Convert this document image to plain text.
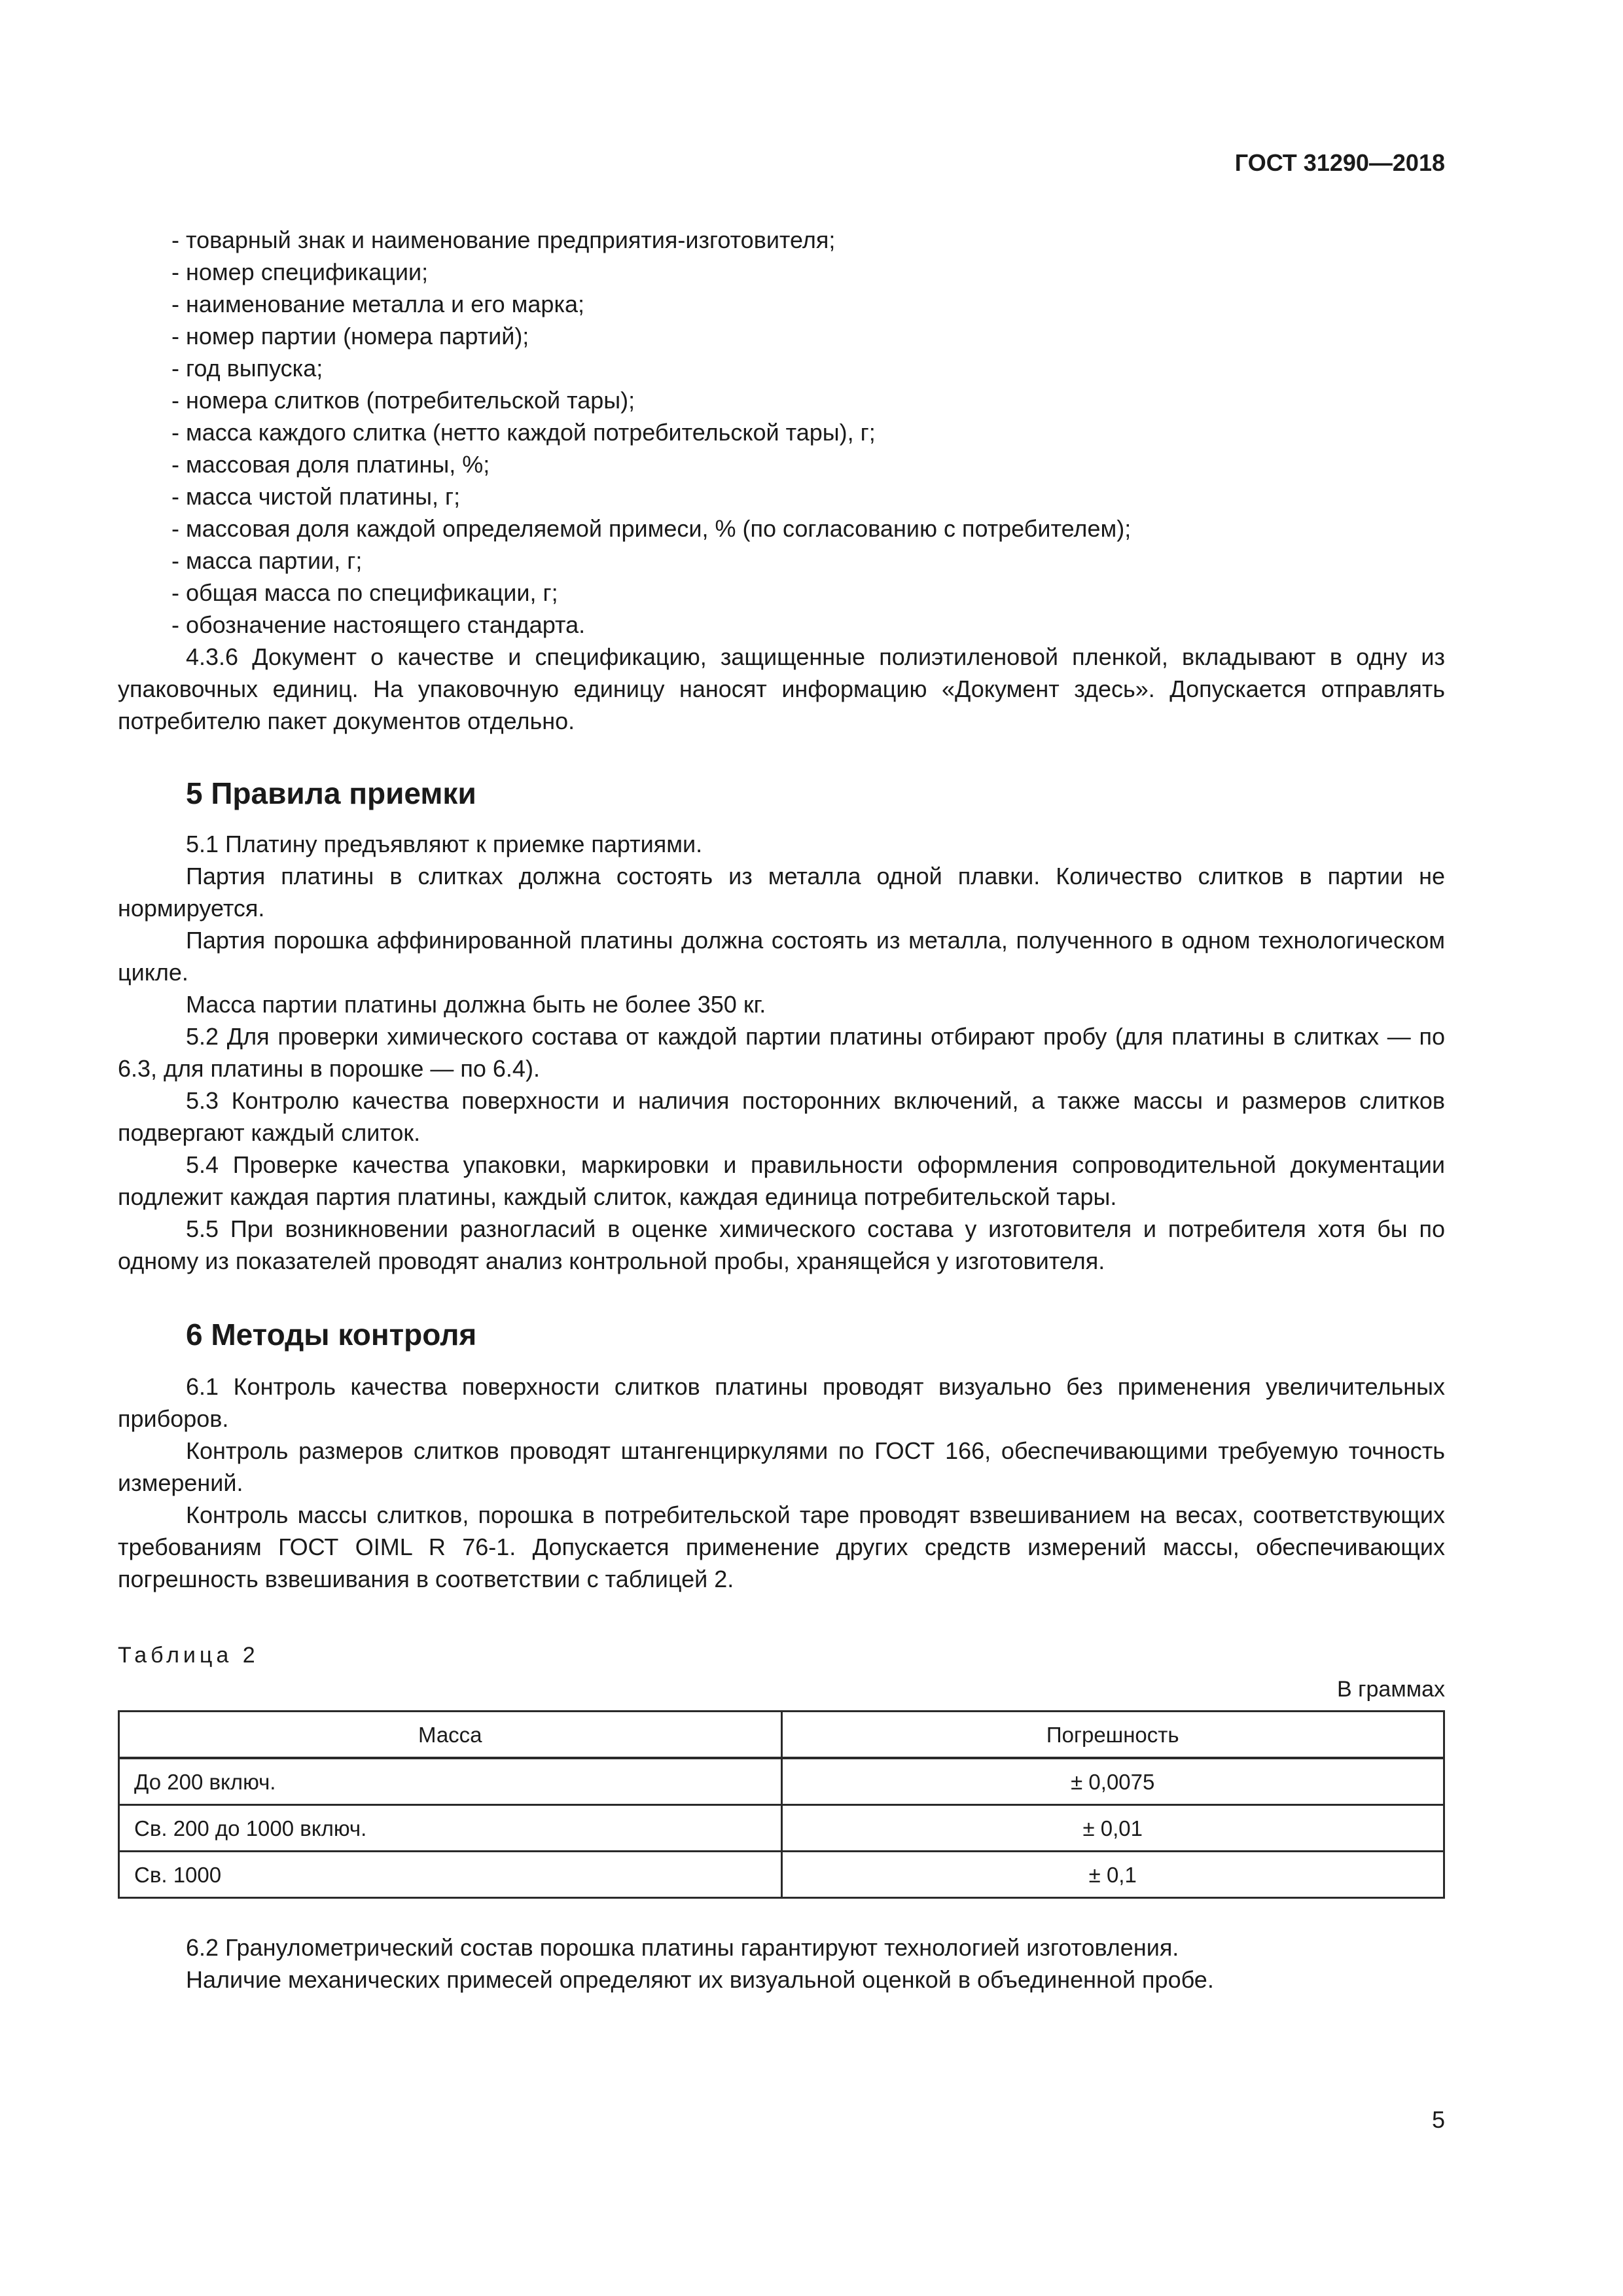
ГОСТ 31290—2018
- товарный знак и наименование предприятия-изготовителя;
- номер спецификации;
- наименование металла и его марка;
- номер партии (номера партий);
- год выпуска;
- номера слитков (потребительской тары);
- масса каждого слитка (нетто каждой потребительской тары), г;
- массовая доля платины, %;
- масса чистой платины, г;
- массовая доля каждой определяемой примеси, % (по согласованию с потребителем);
- масса партии, г;
- общая масса по спецификации, г;
- обозначение настоящего стандарта.

4.3.6 Документ о качестве и спецификацию, защищенные полиэтиленовой пленкой, вкладывают в одну из упаковочных единиц. На упаковочную единицу наносят информацию «Документ здесь». Допускается отправлять потребителю пакет документов отдельно.

5 Правила приемки

5.1 Платину предъявляют к приемке партиями.

Партия платины в слитках должна состоять из металла одной плавки. Количество слитков в партии не нормируется.

Партия порошка аффинированной платины должна состоять из металла, полученного в одном технологическом цикле.

Масса партии платины должна быть не более 350 кг.

5.2 Для проверки химического состава от каждой партии платины отбирают пробу (для платины в слитках — по 6.3, для платины в порошке — по 6.4).

5.3 Контролю качества поверхности и наличия посторонних включений, а также массы и размеров слитков подвергают каждый слиток.

5.4 Проверке качества упаковки, маркировки и правильности оформления сопроводительной документации подлежит каждая партия платины, каждый слиток, каждая единица потребительской тары.

5.5 При возникновении разногласий в оценке химического состава у изготовителя и потребителя хотя бы по одному из показателей проводят анализ контрольной пробы, хранящейся у изготовителя.

6 Методы контроля

6.1 Контроль качества поверхности слитков платины проводят визуально без применения увеличительных приборов.

Контроль размеров слитков проводят штангенциркулями по ГОСТ 166, обеспечивающими требуемую точность измерений.

Контроль массы слитков, порошка в потребительской таре проводят взвешиванием на весах, соответствующих требованиям ГОСТ OIML R 76-1. Допускается применение других средств измерений массы, обеспечивающих погрешность взвешивания в соответствии с таблицей 2.

Таблица 2
В граммах
Масса	Погрешность
До 200 включ.	± 0,0075
Св. 200 до 1000 включ.	± 0,01
Св. 1000	± 0,1

6.2 Гранулометрический состав порошка платины гарантируют технологией изготовления.

Наличие механических примесей определяют их визуальной оценкой в объединенной пробе.

5
